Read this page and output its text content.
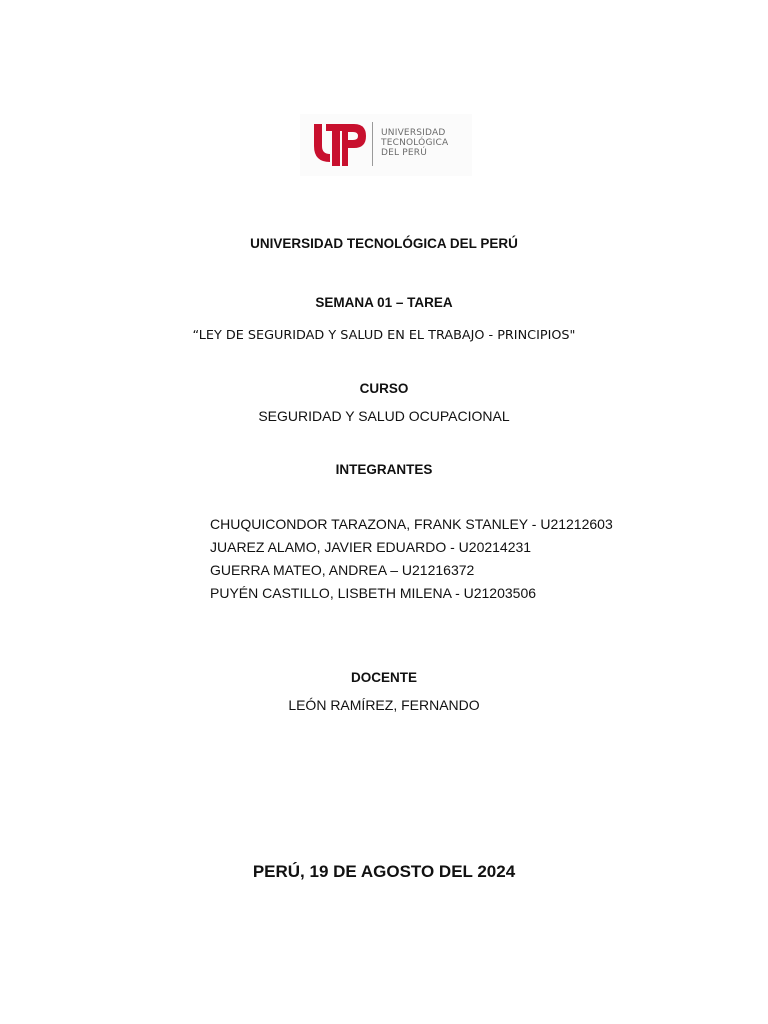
UNIVERSIDAD
TECNOLÓGICA
DEL PERÚ
UNIVERSIDAD TECNOLÓGICA DEL PERÚ
SEMANA 01 – TAREA
“LEY DE SEGURIDAD Y SALUD EN EL TRABAJO - PRINCIPIOS"
CURSO
SEGURIDAD Y SALUD OCUPACIONAL
INTEGRANTES
CHUQUICONDOR TARAZONA, FRANK STANLEY - U21212603
JUAREZ ALAMO, JAVIER EDUARDO - U20214231
GUERRA MATEO, ANDREA – U21216372
PUYÉN CASTILLO, LISBETH MILENA - U21203506
DOCENTE
LEÓN RAMÍREZ, FERNANDO
PERÚ, 19 DE AGOSTO DEL 2024
